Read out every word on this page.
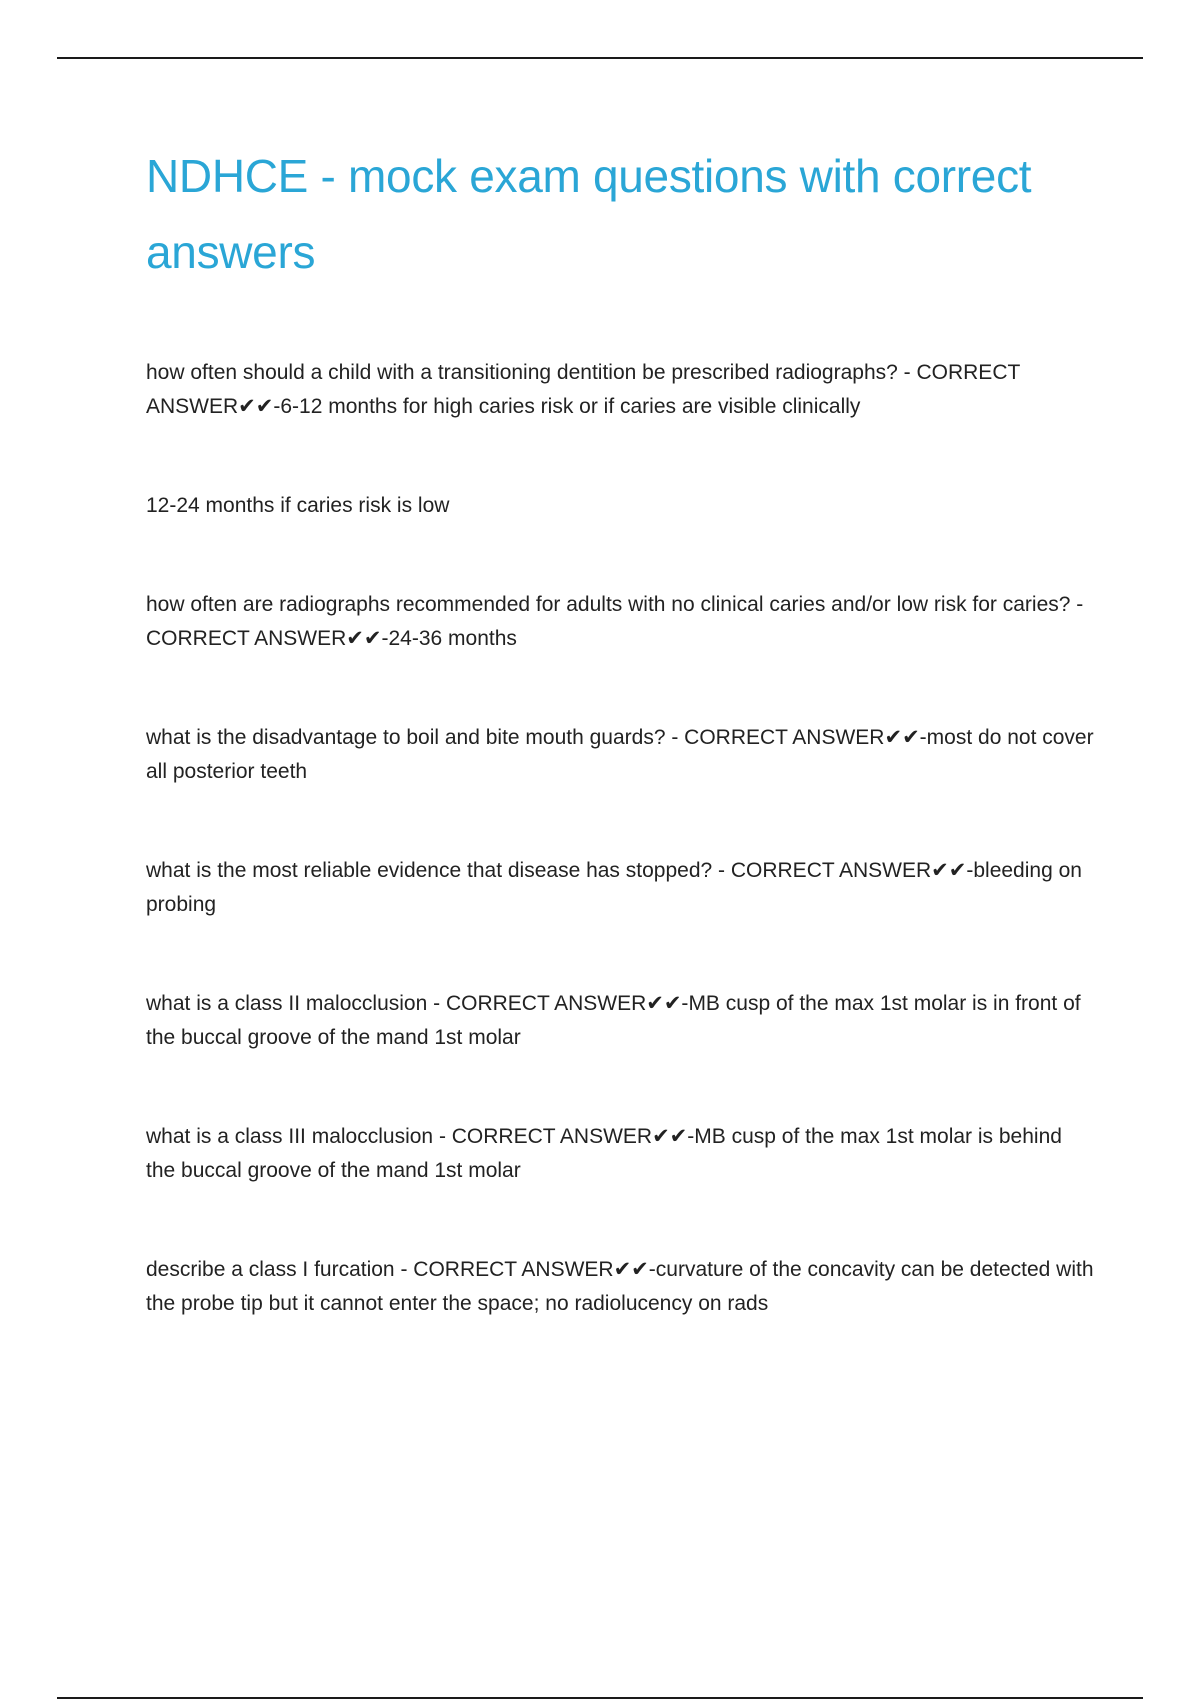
NDHCE - mock exam questions with correct answers

how often should a child with a transitioning dentition be prescribed radiographs? - CORRECT ANSWER✔✔-6-12 months for high caries risk or if caries are visible clinically

12-24 months if caries risk is low

how often are radiographs recommended for adults with no clinical caries and/or low risk for caries? - CORRECT ANSWER✔✔-24-36 months

what is the disadvantage to boil and bite mouth guards? - CORRECT ANSWER✔✔-most do not cover all posterior teeth

what is the most reliable evidence that disease has stopped? - CORRECT ANSWER✔✔-bleeding on probing

what is a class II malocclusion - CORRECT ANSWER✔✔-MB cusp of the max 1st molar is in front of the buccal groove of the mand 1st molar

what is a class III malocclusion - CORRECT ANSWER✔✔-MB cusp of the max 1st molar is behind the buccal groove of the mand 1st molar

describe a class I furcation - CORRECT ANSWER✔✔-curvature of the concavity can be detected with the probe tip but it cannot enter the space; no radiolucency on rads
